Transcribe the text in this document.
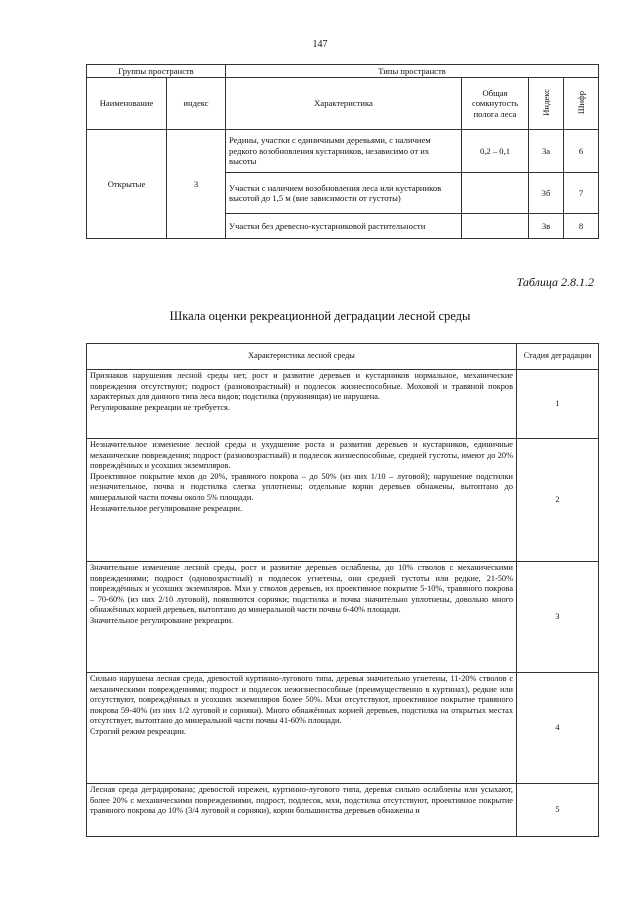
147
Группы пространств		Типы пространств			
Наименование	индекс	Характеристика	Общая сомкнутость полога леса	Индекс	Шифр
Открытые	3	Редины, участки с единичными деревьями, с наличием редкого возобновления кустарников, независимо от их высоты	0,2 – 0,1	3а	6
		Участки с наличием возобновления леса или кустарников высотой до 1,5 м (вне зависимости от густоты)		3б	7
		Участки без древесно-кустарниковой растительности		3в	8
Таблица 2.8.1.2
Шкала оценки рекреационной деградации лесной среды
Характеристика лесной среды	Стадия деградации

Признаков нарушения лесной среды нет, рост и развитие деревьев и кустарников нормальное, механические повреждения отсутствуют; подрост (разновозрастный) и подлесок жизнеспособные. Моховой и травяной покров характерных для данного типа леса видов; подстилка (пружинящая) не нарушена.

Регулирование рекреации не требуется.	1

Незначительное изменение лесной среды и ухудшение роста и развития деревьев и кустарников, единичные механические повреждения; подрост (разновозрастный) и подлесок жизнеспособные, средней густоты, имеют до 20% повреждённых и усохших экземпляров.

Проективное покрытие мхов до 20%, травяного покрова – до 50% (из них 1/10 – луговой); нарушение подстилки незначительное, почва и подстилка слегка уплотнены; отдельные корни деревьев обнажены, вытоптано до минеральной части почвы около 5% площади.

Незначительное регулирование рекреации.	2

Значительное изменение лесной среды, рост и развитие деревьев ослаблены, до 10% стволов с механическими повреждениями; подрост (одновозрастный) и подлесок угнетены, они средней густоты или редкие, 21-50% повреждённых и усохших экземпляров. Мхи у стволов деревьев, их проективное покрытие 5-10%, травяного покрова – 70-60% (из них 2/10 луговой), появляются сорняки; подстилка и почва значительно уплотнены, довольно много обнажённых корней деревьев, вытоптано до минеральной части почвы 6-40% площади.

Значительное регулирование рекреации.	3

Сильно нарушена лесная среда, древостой куртинно-лугового типа, деревья значительно угнетены, 11-20% стволов с механическими повреждениями; подрост и подлесок нежизнеспособные (преимущественно в куртинах), редкие или отсутствуют, повреждённых и усохших экземпляров более 50%. Мхи отсутствуют, проективное покрытие травяного покрова 59-40% (из них 1/2 луговой и сорняки). Много обнажённых корней деревьев, подстилка на открытых местах отсутствует, вытоптано до минеральной части почвы 41-60% площади.

Строгий режим рекреации.	4

Лесная среда деградирована; древостой изрежен, куртинно-лугового типа, деревья сильно ослаблены или усыхают, более 20% с механическими повреждениями, подрост, подлесок, мхи, подстилка отсутствуют, проективное покрытие травяного покрова до 10% (3/4 луговой и сорняки), корни большинства деревьев обнажены и	5
